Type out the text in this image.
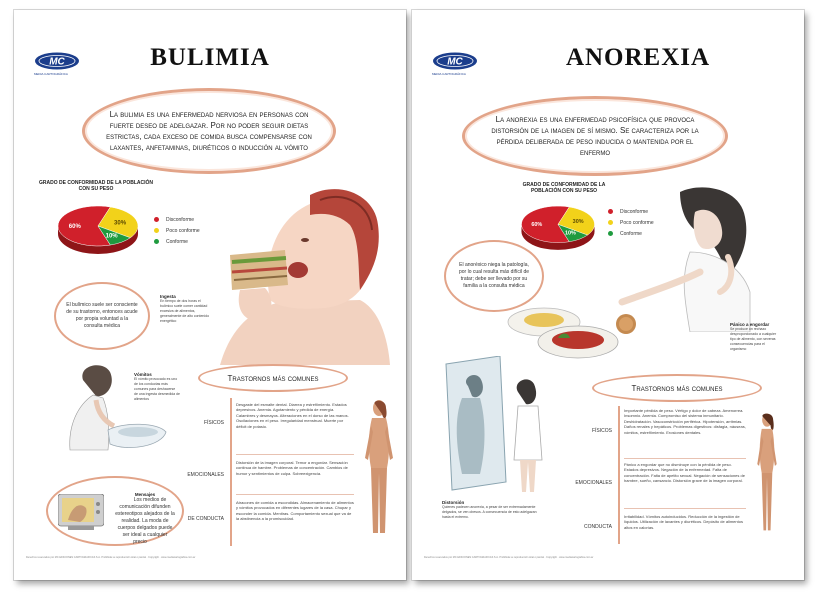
MC
MEDIA CARTOGRÁFICA
BULIMIA
La bulimia es una enfermedad nerviosa en personas con fuerte deseo de adelgazar. Por no poder seguir dietas estrictas, cada exceso de comida busca compensarse con laxantes, anfetaminas, diuréticos o inducción al vómito
GRADO DE CONFORMIDAD DE LA POBLACIÓN CON SU PESO
60%
30%
10%
Disconforme
Poco conforme
Conforme
El bulímico suele ser consciente de su trastorno, entonces acude por propia voluntad a la consulta médica
Ingesta
En tiempo de dos horas el bulímico suele comer cantidad excesiva de alimentos, generalmente de alto contenido energético
Vómitos
El vómito provocado es uno de los conductas más comunes para deshacerse de una ingesta desmedida de alimentos
Trastornos más comunes
FÍSICOS
Desgaste del esmalte dental. Diarrea y estreñimiento. Estados depresivos. Anemia. Agotamiento y pérdida de energía. Calambres y desmayos. Alteraciones en el dorso de las manos. Oscilaciones en el peso. Irregularidad menstrual. Muerte por déficit de potasio.
EMOCIONALES
Distorsión de la imagen corporal. Temor a engordar. Sensación continua de hambre. Problemas de concentración. Cambios de humor y sentimientos de culpa. Sobreexigencia.
DE CONDUCTA
Atracones de comida a escondidas. Almacenamiento de alimentos y vómitos provocados en diferentes lugares de la casa. Chupar y esconder la comida. Mentiras. Comportamiento sexual que va de la abstinencia a la promiscuidad.
Mensajes
Los medios de comunicación difunden estereotipos alejados de la realidad. La moda de cuerpos delgados puede ser ideal a cualquier precio
Derechos reservados por MC EDICIONES CARTOGRÁFICAS S.A. Prohibida su reproducción total o parcial · Copyright · www.mediacartografica.com.ar
MC
MEDIA CARTOGRÁFICA
ANOREXIA
La anorexia es una enfermedad psicofísica que provoca distorsión de la imagen de sí mismo. Se caracteriza por la pérdida deliberada de peso inducida o mantenida por el enfermo
GRADO DE CONFORMIDAD DE LA POBLACIÓN CON SU PESO
60%
30%
10%
Disconforme
Poco conforme
Conforme
El anoréxico niega la patología, por lo cual resulta más difícil de tratar; debe ser llevado por su familia a la consulta médica
Pánico a engordar
Se produce un rechazo desproporcionado a cualquier tipo de alimento, con severas consecuencias para el organismo
Trastornos más comunes
Distorsión
Quienes padecen anorexia, a pesar de ser extremadamente delgados, se ven obesos. A consecuencia de esto adelgazan hasta el extremo.
FÍSICOS
Importante pérdida de peso. Vértigo y dolor de cabeza. Amenorrea. Insomnio. Anemia. Compromiso del sistema inmunitario. Deshidratación. Vasoconstricción periférica. Hipotensión, arritmias. Daños renales y hepáticos. Problemas digestivos: disfagia, náuseas, vómitos, estreñimiento. Erosiones dentales.
EMOCIONALES
Pánico a engordar que no disminuye con la pérdida de peso. Estados depresivos. Negación de la enfermedad. Falta de concentración. Falta de apetito sexual. Negación de sensaciones de hambre, sueño, cansancio. Distorsión grave de la imagen corporal.
CONDUCTA
Irritabilidad. Vómitos autoinducidos. Reducción de la ingestión de líquidos. Utilización de laxantes y diuréticos. Depósito de alimentos altos en calorías.
Derechos reservados por MC EDICIONES CARTOGRÁFICAS S.A. Prohibida su reproducción total o parcial · Copyright · www.mediacartografica.com.ar
